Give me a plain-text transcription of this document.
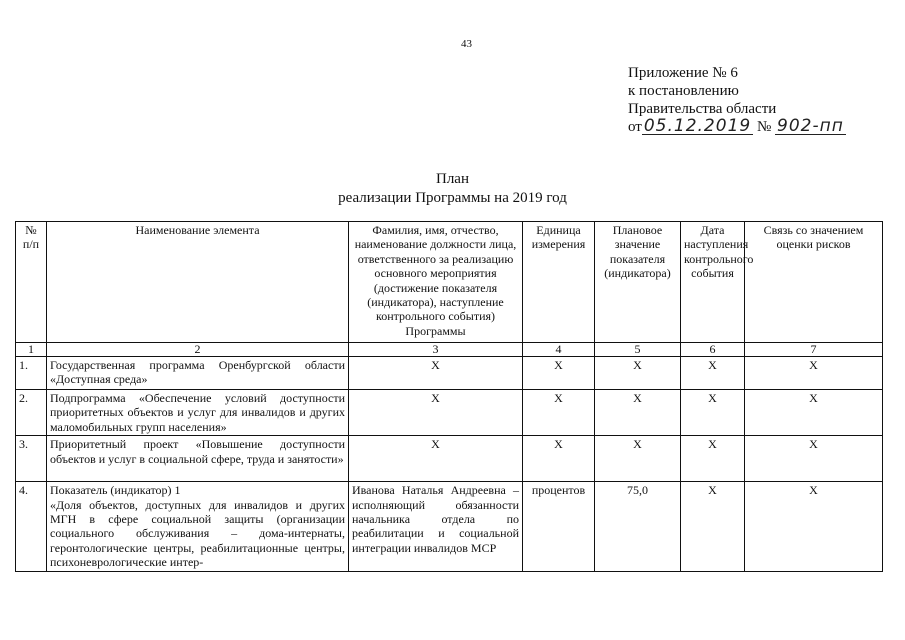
43
Приложение № 6
к постановлению
Правительства области
от 05.12.2019 № 902-пп
План
реализации Программы на 2019 год
№ п/п	Наименование элемента	Фамилия, имя, отчество, наименование должности лица, ответственного за реализацию основного мероприятия (достижение показателя (индикатора), наступление контрольного события) Программы	Единица измерения	Плановое значение показателя (индикатора)	Дата наступления контрольного события	Связь со значением оценки рисков
1	2	3	4	5	6	7
1.	Государственная программа Оренбургской области «Доступная среда»	X	X	X	X	X
2.	Подпрограмма «Обеспечение условий доступности приоритетных объектов и услуг для инвалидов и других маломобильных групп населения»	X	X	X	X	X
3.	Приоритетный проект «Повышение доступности объектов и услуг в социальной сфере, труда и занятости»	X	X	X	X	X
4.	Показатель (индикатор) 1
«Доля объектов, доступных для инвалидов и других МГН в сфере социальной защиты (организации социального обслуживания – дома-интернаты, геронтологические центры, реабилитационные центры, психоневрологические интер-	Иванова Наталья Андреевна – исполняющий обязанности начальника отдела по реабилитации и социальной интеграции инвалидов МСР	процентов	75,0	X	X
